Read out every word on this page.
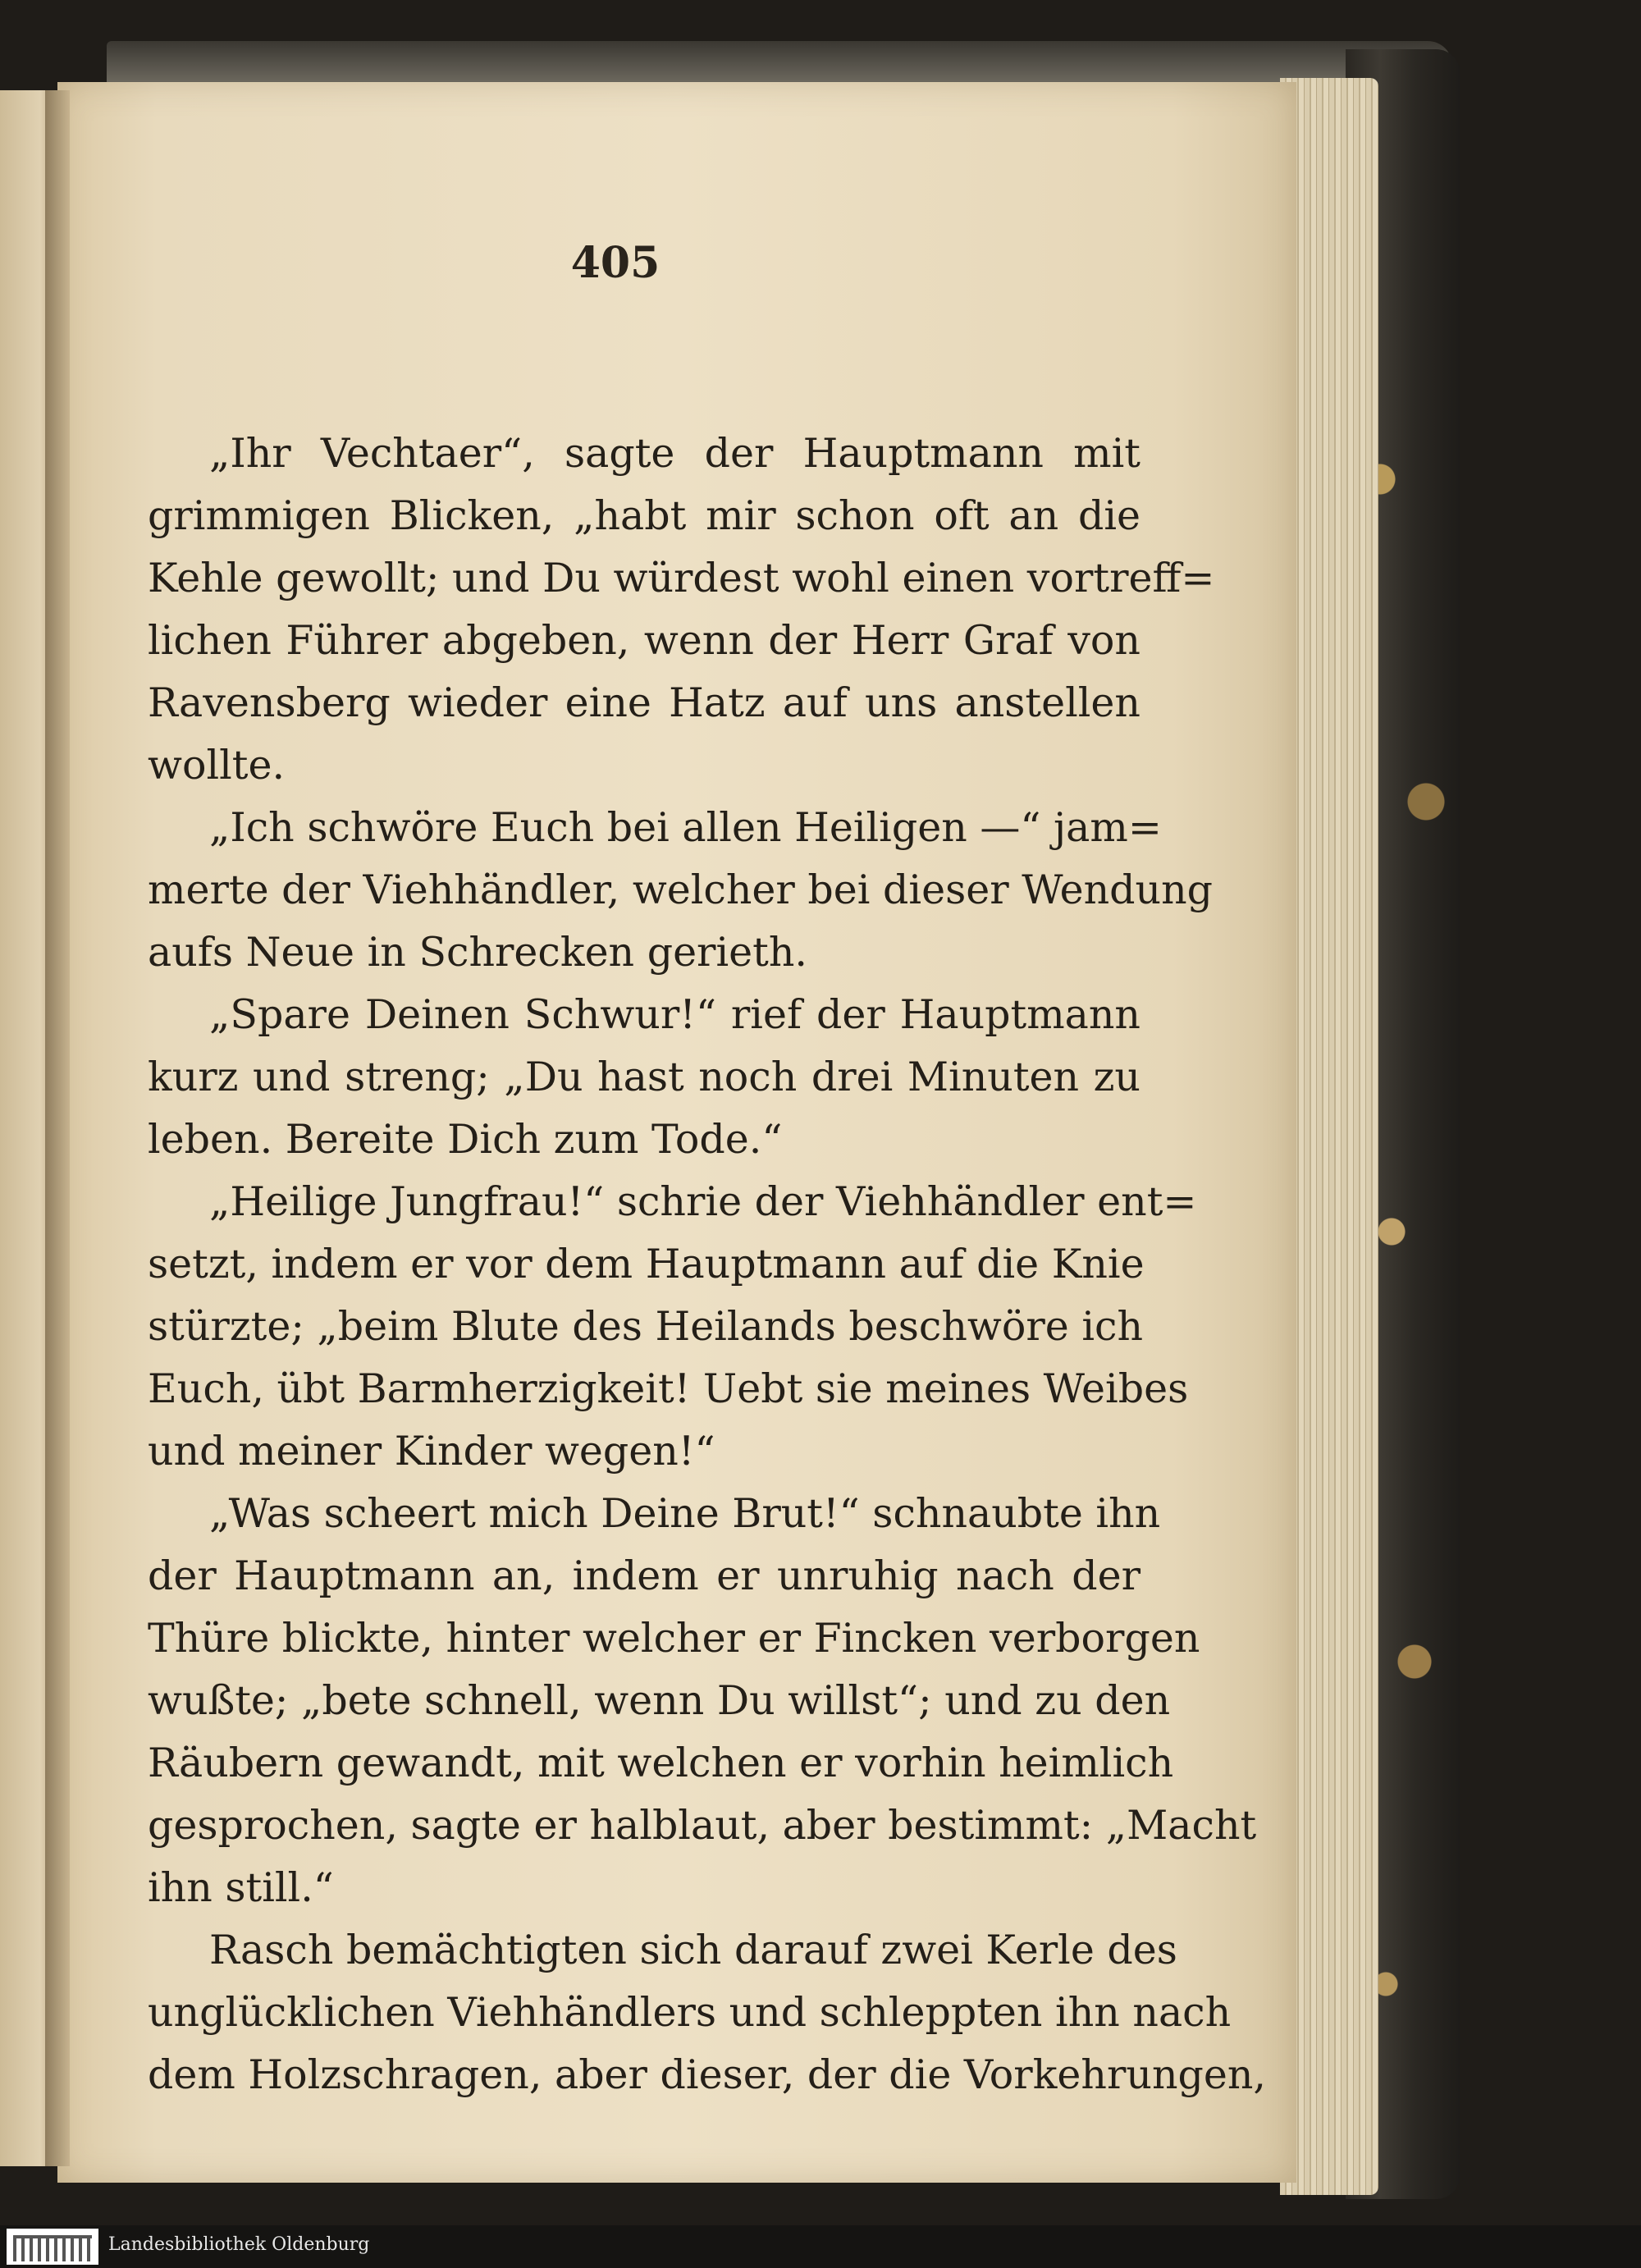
405
„Ihr Vechtaer“, sagte der Hauptmann mit
grimmigen Blicken, „habt mir schon oft an die
Kehle gewollt; und Du würdest wohl einen vortreff=
lichen Führer abgeben, wenn der Herr Graf von
Ravensberg wieder eine Hatz auf uns anstellen
wollte.
„Ich schwöre Euch bei allen Heiligen —“ jam=
merte der Viehhändler, welcher bei dieser Wendung
aufs Neue in Schrecken gerieth.
„Spare Deinen Schwur!“ rief der Hauptmann
kurz und streng; „Du hast noch drei Minuten zu
leben. Bereite Dich zum Tode.“
„Heilige Jungfrau!“ schrie der Viehhändler ent=
setzt, indem er vor dem Hauptmann auf die Knie
stürzte; „beim Blute des Heilands beschwöre ich
Euch, übt Barmherzigkeit! Uebt sie meines Weibes
und meiner Kinder wegen!“
„Was scheert mich Deine Brut!“ schnaubte ihn
der Hauptmann an, indem er unruhig nach der
Thüre blickte, hinter welcher er Fincken verborgen
wußte; „bete schnell, wenn Du willst“; und zu den
Räubern gewandt, mit welchen er vorhin heimlich
gesprochen, sagte er halblaut, aber bestimmt: „Macht
ihn still.“
Rasch bemächtigten sich darauf zwei Kerle des
unglücklichen Viehhändlers und schleppten ihn nach
dem Holzschragen, aber dieser, der die Vorkehrungen,
Landesbibliothek Oldenburg
